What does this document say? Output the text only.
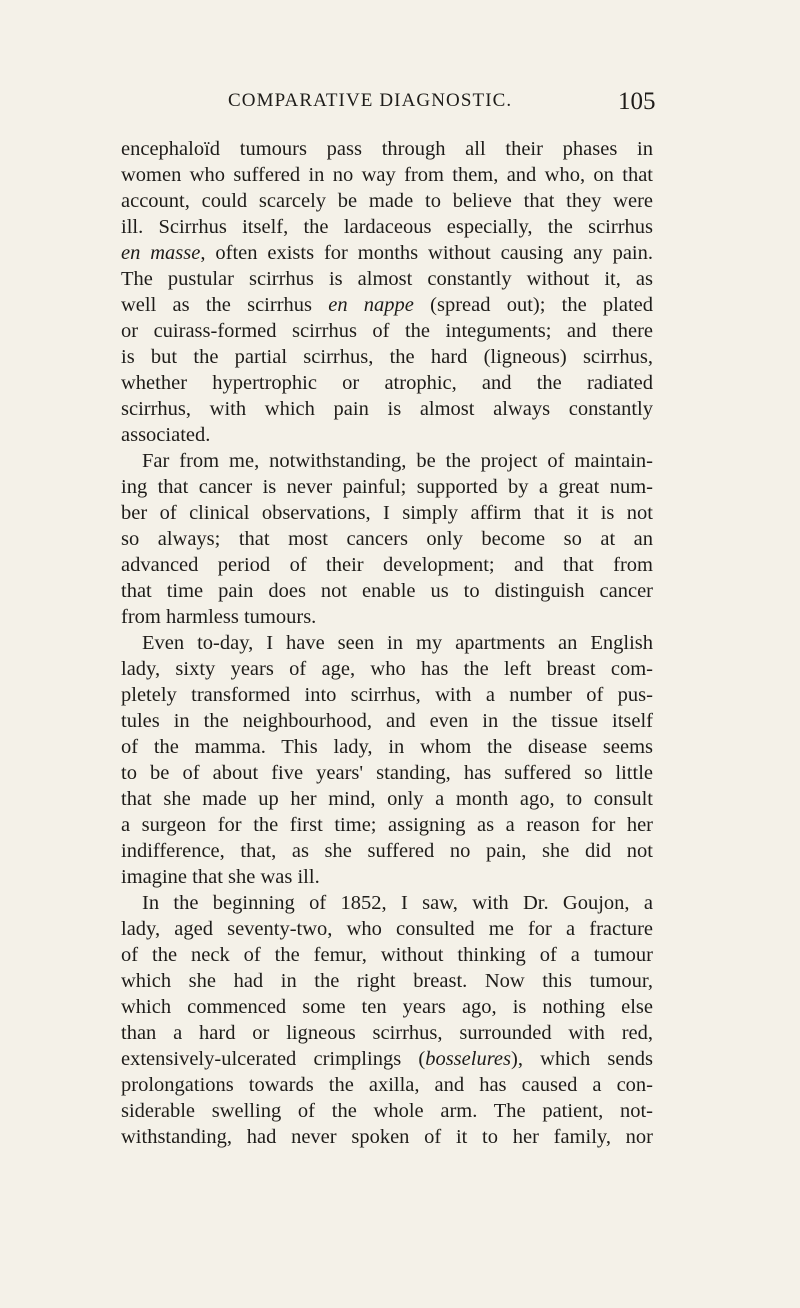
COMPARATIVE DIAGNOSTIC.	105
encephaloïd tumours pass through all their phases in
women who suffered in no way from them, and who, on that
account, could scarcely be made to believe that they were
ill. Scirrhus itself, the lardaceous especially, the scirrhus
en masse, often exists for months without causing any pain.
The pustular scirrhus is almost constantly without it, as
well as the scirrhus en nappe (spread out); the plated
or cuirass-formed scirrhus of the integuments; and there
is but the partial scirrhus, the hard (ligneous) scirrhus,
whether hypertrophic or atrophic, and the radiated
scirrhus, with which pain is almost always constantly
associated.
Far from me, notwithstanding, be the project of maintain-
ing that cancer is never painful; supported by a great num-
ber of clinical observations, I simply affirm that it is not
so always; that most cancers only become so at an
advanced period of their development; and that from
that time pain does not enable us to distinguish cancer
from harmless tumours.
Even to-day, I have seen in my apartments an English
lady, sixty years of age, who has the left breast com-
pletely transformed into scirrhus, with a number of pus-
tules in the neighbourhood, and even in the tissue itself
of the mamma. This lady, in whom the disease seems
to be of about five years' standing, has suffered so little
that she made up her mind, only a month ago, to consult
a surgeon for the first time; assigning as a reason for her
indifference, that, as she suffered no pain, she did not
imagine that she was ill.
In the beginning of 1852, I saw, with Dr. Goujon, a
lady, aged seventy-two, who consulted me for a fracture
of the neck of the femur, without thinking of a tumour
which she had in the right breast. Now this tumour,
which commenced some ten years ago, is nothing else
than a hard or ligneous scirrhus, surrounded with red,
extensively-ulcerated crimplings (bosselures), which sends
prolongations towards the axilla, and has caused a con-
siderable swelling of the whole arm. The patient, not-
withstanding, had never spoken of it to her family, nor
